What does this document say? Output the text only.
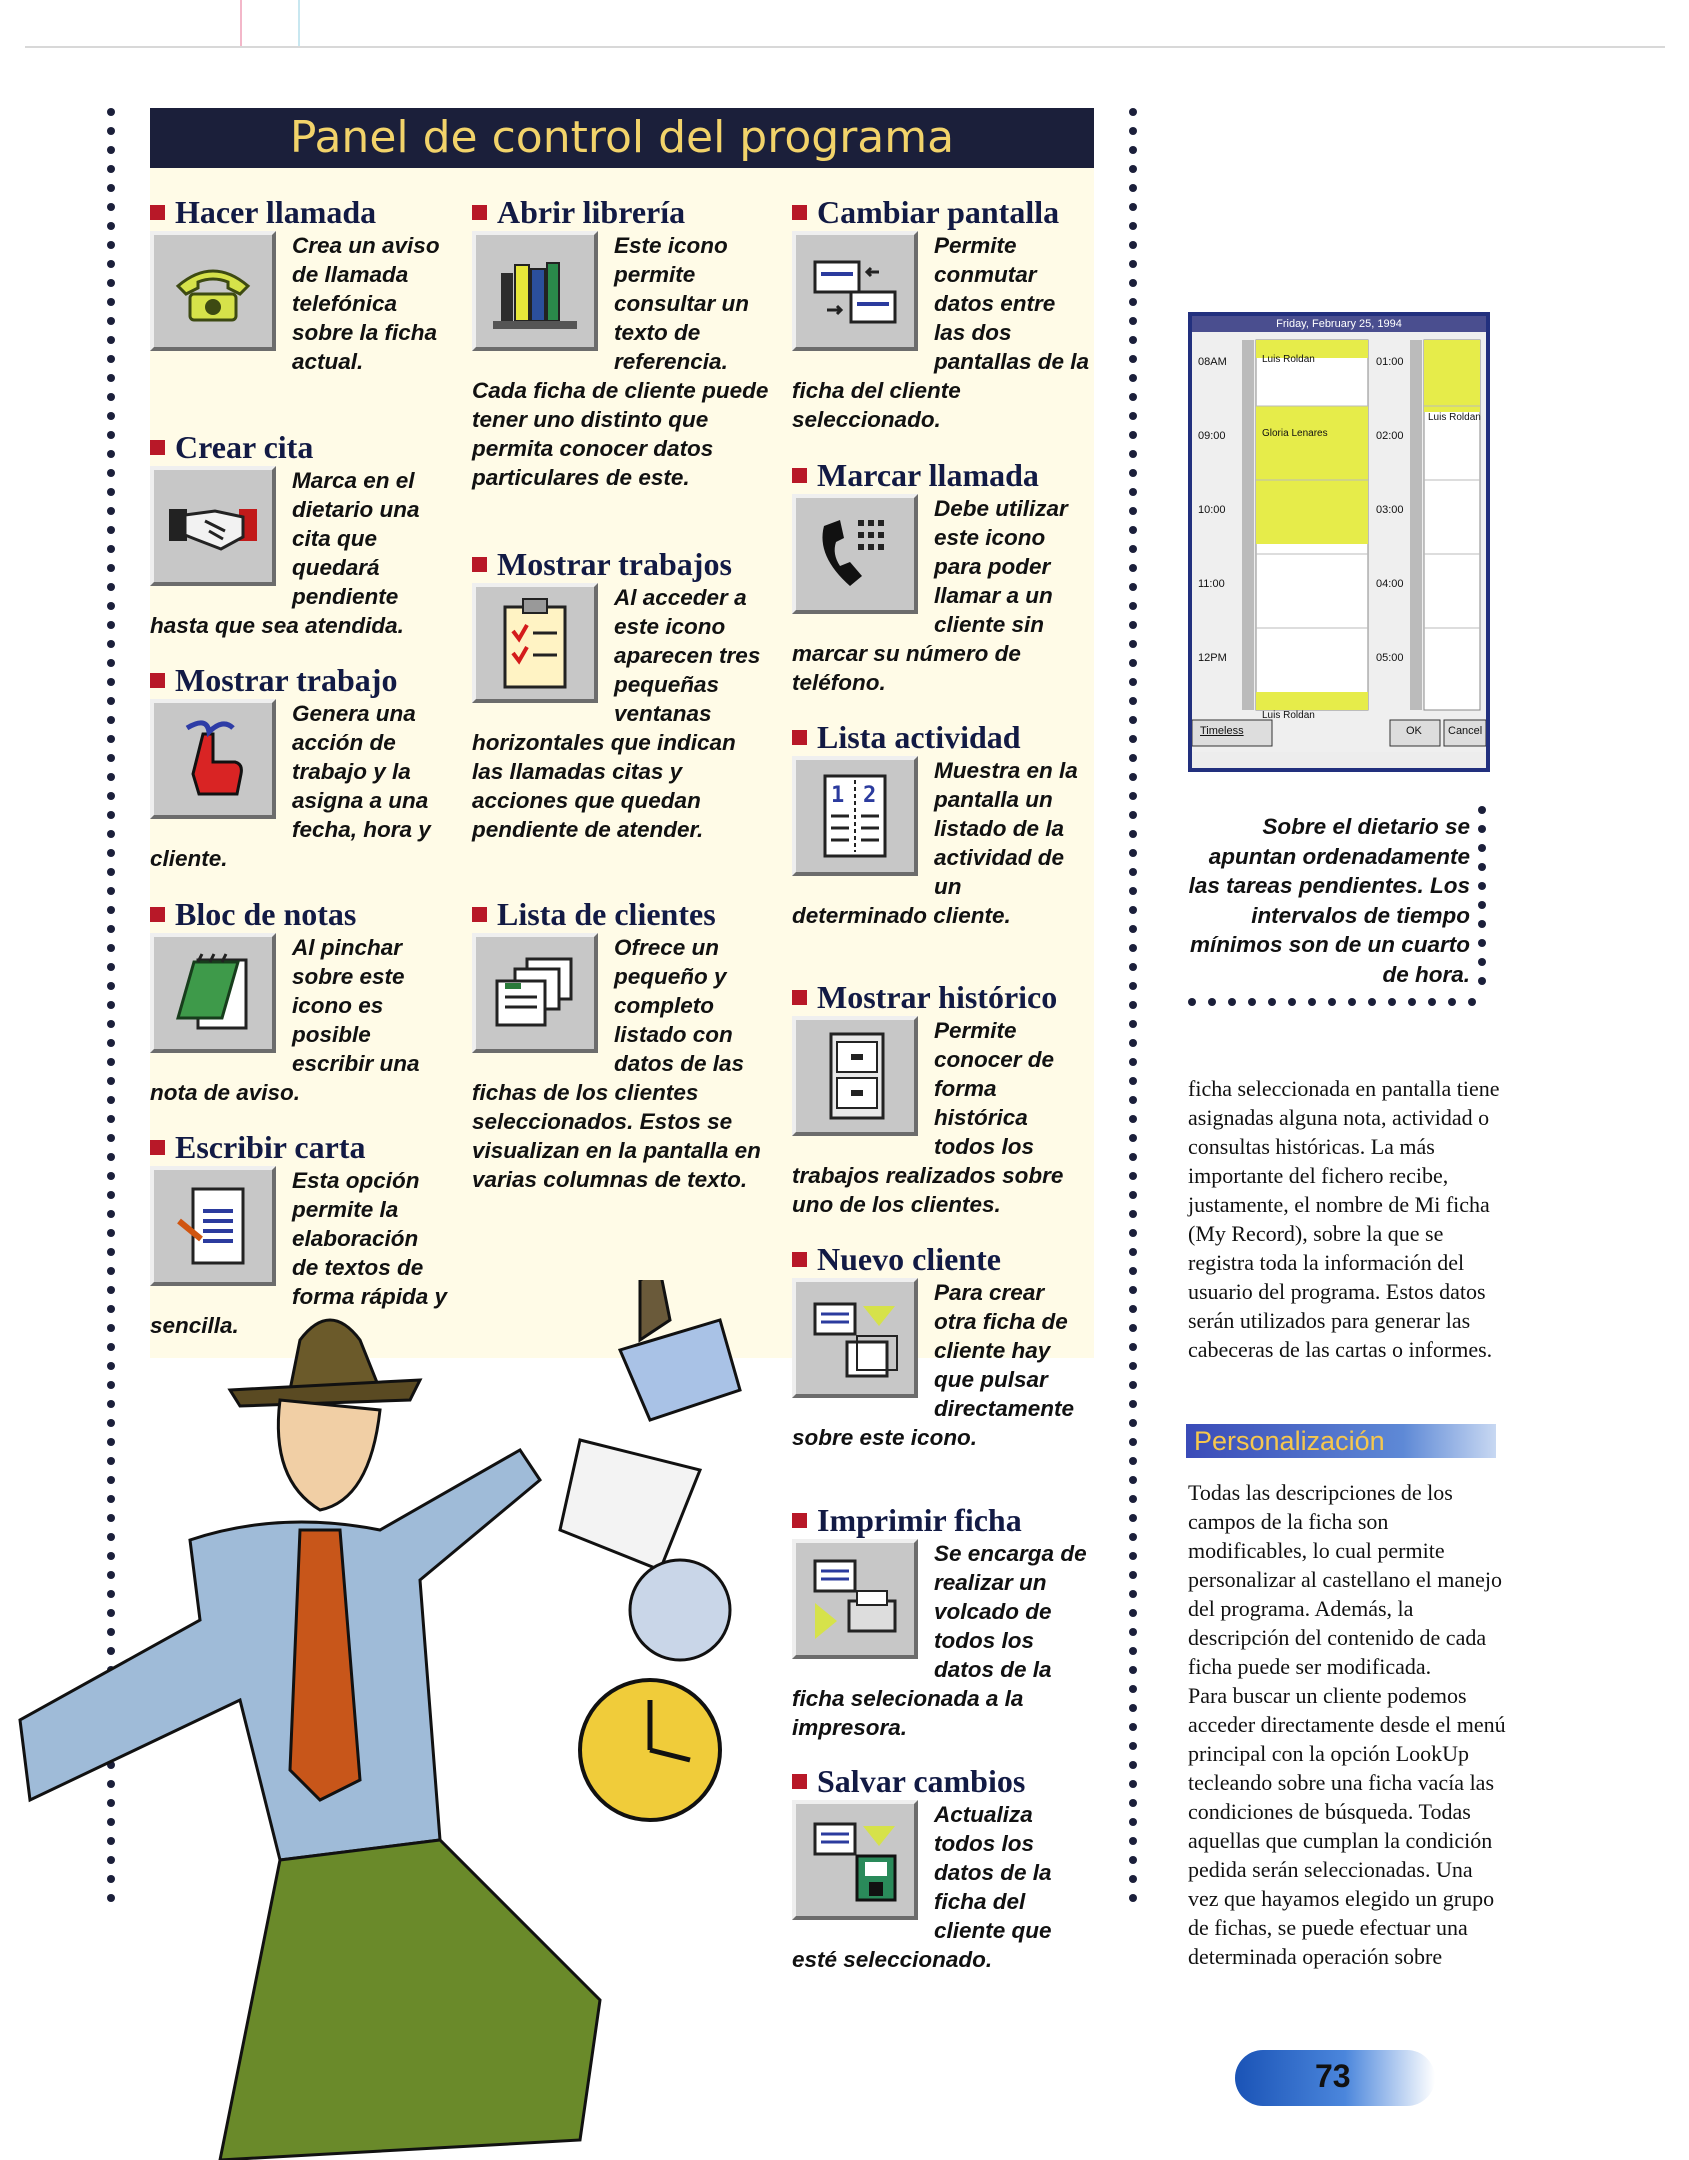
Panel de control del programa
Hacer llamada
Crea un aviso de llamada telefónica sobre la ficha actual.
Crear cita
Marca en el dietario una cita que quedará pendiente hasta que sea atendida.
Mostrar trabajo
Genera una acción de trabajo y la asigna a una fecha, hora y cliente.
Bloc de notas
Al pinchar sobre este icono es posible escribir una nota de aviso.
Escribir carta
Esta opción permite la elaboración de textos de forma rápida y sencilla.
Abrir librería
Este icono permite consultar un texto de referencia. Cada ficha de cliente puede tener uno distinto que permita conocer datos particulares de este.
Mostrar trabajos
Al acceder a este icono aparecen tres pequeñas ventanas horizontales que indican las llamadas citas y acciones que quedan pendiente de atender.
Lista de clientes
Ofrece un pequeño y completo listado con datos de las fichas de los clientes seleccionados. Estos se visualizan en la pantalla en varias columnas de texto.
Cambiar pantalla
Permite conmutar datos entre las dos pantallas de la ficha del cliente seleccionado.
Marcar llamada
Debe utilizar este icono para poder llamar a un cliente sin marcar su número de teléfono.
Lista actividad
1 2
Muestra en la pantalla un listado de la actividad de un determinado cliente.
Mostrar histórico
Permite conocer de forma histórica todos los trabajos realizados sobre uno de los clientes.
Nuevo cliente
Para crear otra ficha de cliente hay que pulsar directamente sobre este icono.
Imprimir ficha
Se encarga de realizar un volcado de todos los datos de la ficha selecionada a la impresora.
Salvar cambios
Actualiza todos los datos de la ficha del cliente que esté seleccionado.
Friday, February 25, 1994
08AM
09:00
10:00
11:00
12PM
01:00
02:00
03:00
04:00
05:00
Luis Roldan
Gloria Lenares
Luis Roldan
Luis Roldan
Timeless	OK Cancel
Sobre el dietario se apuntan ordenadamente las tareas pendientes. Los intervalos de tiempo mínimos son de un cuarto de hora.

ficha seleccionada en pantalla tiene asignadas alguna nota, actividad o consultas históricas. La más importante del fichero recibe, justamente, el nombre de Mi ficha (My Record), sobre la que se registra toda la información del usuario del programa. Estos datos serán utilizados para generar las cabeceras de las cartas o informes.

Personalización

Todas las descripciones de los campos de la ficha son modificables, lo cual permite personalizar al castellano el manejo del programa. Además, la descripción del contenido de cada ficha puede ser modificada.

Para buscar un cliente podemos acceder directamente desde el menú principal con la opción LookUp tecleando sobre una ficha vacía las condiciones de búsqueda. Todas aquellas que cumplan la condición pedida serán seleccionadas. Una vez que hayamos elegido un grupo de fichas, se puede efectuar una determinada operación sobre

73
